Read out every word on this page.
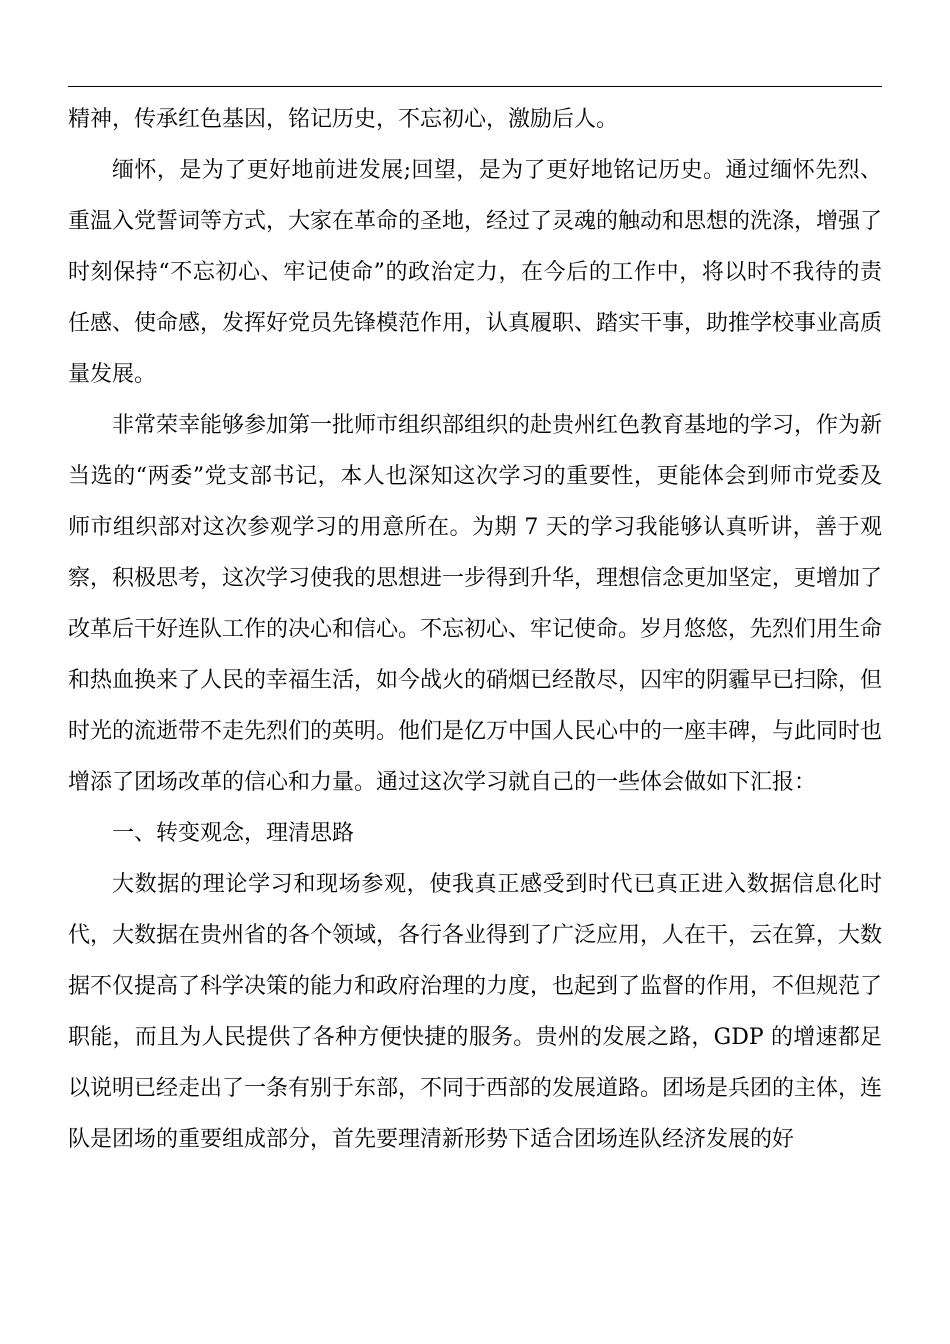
精神，传承红色基因，铭记历史，不忘初心，激励后人。

缅怀，是为了更好地前进发展;回望，是为了更好地铭记历史。通过缅怀先烈、重温入党誓词等方式，大家在革命的圣地，经过了灵魂的触动和思想的洗涤，增强了时刻保持“不忘初心、牢记使命”的政治定力，在今后的工作中，将以时不我待的责任感、使命感，发挥好党员先锋模范作用，认真履职、踏实干事，助推学校事业高质量发展。

非常荣幸能够参加第一批师市组织部组织的赴贵州红色教育基地的学习，作为新当选的“两委”党支部书记，本人也深知这次学习的重要性，更能体会到师市党委及师市组织部对这次参观学习的用意所在。为期 7 天的学习我能够认真听讲，善于观察，积极思考，这次学习使我的思想进一步得到升华，理想信念更加坚定，更增加了改革后干好连队工作的决心和信心。不忘初心、牢记使命。岁月悠悠，先烈们用生命和热血换来了人民的幸福生活，如今战火的硝烟已经散尽，囚牢的阴霾早已扫除，但时光的流逝带不走先烈们的英明。他们是亿万中国人民心中的一座丰碑，与此同时也增添了团场改革的信心和力量。通过这次学习就自己的一些体会做如下汇报：

一、转变观念，理清思路

大数据的理论学习和现场参观，使我真正感受到时代已真正进入数据信息化时代，大数据在贵州省的各个领域，各行各业得到了广泛应用，人在干，云在算，大数据不仅提高了科学决策的能力和政府治理的力度，也起到了监督的作用，不但规范了职能，而且为人民提供了各种方便快捷的服务。贵州的发展之路，GDP 的增速都足以说明已经走出了一条有别于东部，不同于西部的发展道路。团场是兵团的主体，连队是团场的重要组成部分，首先要理清新形势下适合团场连队经济发展的好
